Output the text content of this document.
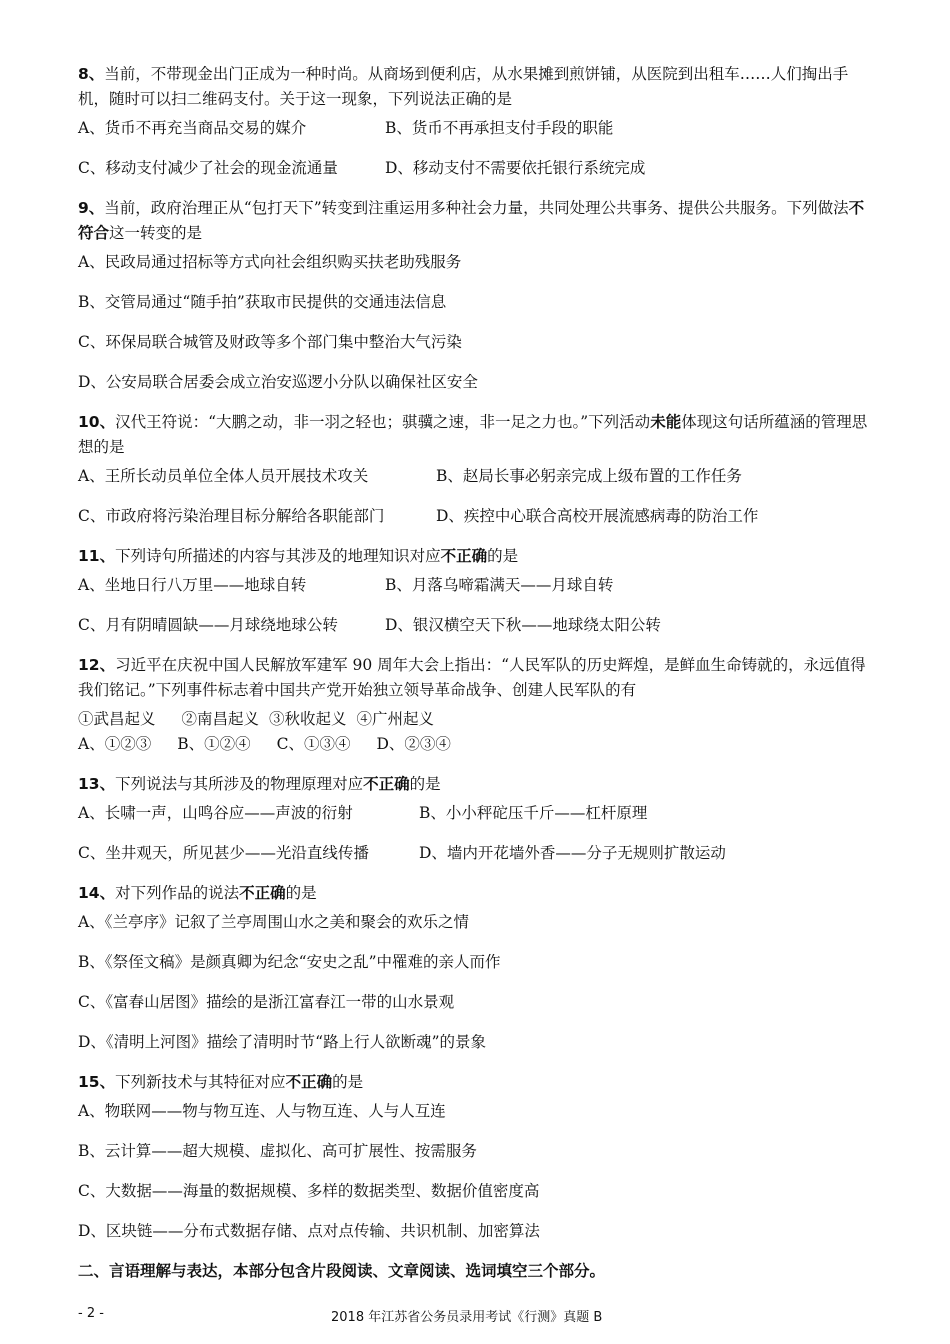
8、当前，不带现金出门正成为一种时尚。从商场到便利店，从水果摊到煎饼铺，从医院到出租车……人们掏出手机，随时可以扫二维码支付。关于这一现象，下列说法正确的是
A、货币不再充当商品交易的媒介	B、货币不再承担支付手段的职能
C、移动支付减少了社会的现金流通量	D、移动支付不需要依托银行系统完成
9、当前，政府治理正从“包打天下”转变到注重运用多种社会力量，共同处理公共事务、提供公共服务。下列做法不符合这一转变的是
A、民政局通过招标等方式向社会组织购买扶老助残服务
B、交管局通过“随手拍”获取市民提供的交通违法信息
C、环保局联合城管及财政等多个部门集中整治大气污染
D、公安局联合居委会成立治安巡逻小分队以确保社区安全
10、汉代王符说：“大鹏之动，非一羽之轻也；骐骥之速，非一足之力也。”下列活动未能体现这句话所蕴涵的管理思想的是
A、王所长动员单位全体人员开展技术攻关	B、赵局长事必躬亲完成上级布置的工作任务
C、市政府将污染治理目标分解给各职能部门	D、疾控中心联合高校开展流感病毒的防治工作
11、下列诗句所描述的内容与其涉及的地理知识对应不正确的是
A、坐地日行八万里——地球自转	B、月落乌啼霜满天——月球自转
C、月有阴晴圆缺——月球绕地球公转	D、银汉横空天下秋——地球绕太阳公转
12、习近平在庆祝中国人民解放军建军 90 周年大会上指出：“人民军队的历史辉煌，是鲜血生命铸就的，永远值得我们铭记。”下列事件标志着中国共产党开始独立领导革命战争、创建人民军队的有
①武昌起义 ②南昌起义 ③秋收起义 ④广州起义
A、①②③ B、①②④ C、①③④ D、②③④
13、下列说法与其所涉及的物理原理对应不正确的是
A、长啸一声，山鸣谷应——声波的衍射	B、小小秤砣压千斤——杠杆原理
C、坐井观天，所见甚少——光沿直线传播	D、墙内开花墙外香——分子无规则扩散运动
14、对下列作品的说法不正确的是
A、《兰亭序》记叙了兰亭周围山水之美和聚会的欢乐之情
B、《祭侄文稿》是颜真卿为纪念“安史之乱”中罹难的亲人而作
C、《富春山居图》描绘的是浙江富春江一带的山水景观
D、《清明上河图》描绘了清明时节“路上行人欲断魂”的景象
15、下列新技术与其特征对应不正确的是
A、物联网——物与物互连、人与物互连、人与人互连
B、云计算——超大规模、虚拟化、高可扩展性、按需服务
C、大数据——海量的数据规模、多样的数据类型、数据价值密度高
D、区块链——分布式数据存储、点对点传输、共识机制、加密算法
二、言语理解与表达，本部分包含片段阅读、文章阅读、选词填空三个部分。
- 2 -	2018 年江苏省公务员录用考试《行测》真题 B
